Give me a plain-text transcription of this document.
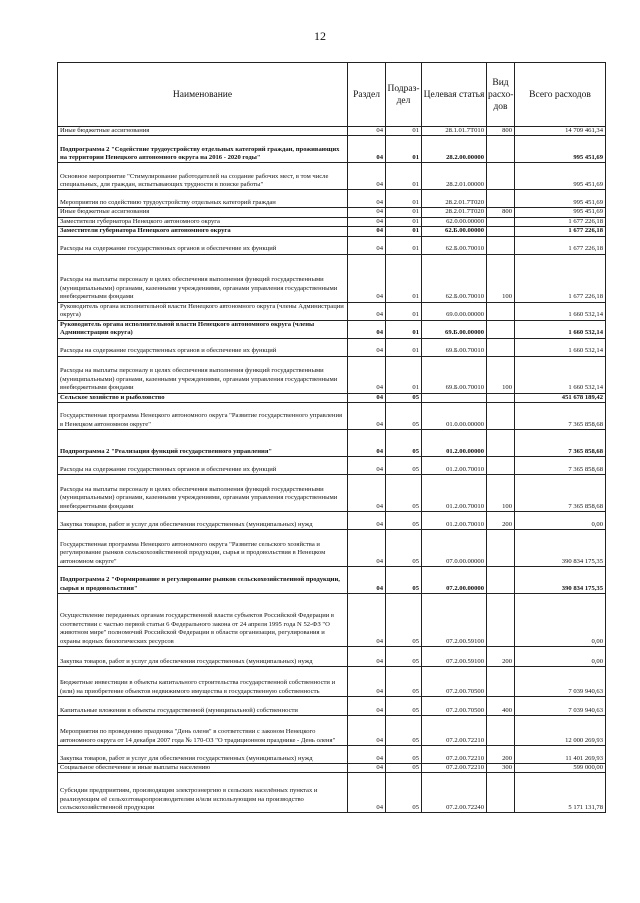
12
Наименование	Раздел	Подраз-дел	Целевая статья	Вид расхо-дов	Всего расходов
Иные бюджетные ассигнования	04	01	28.1.01.7Т010	800	14 709 461,34
Подпрограмма 2 "Содействие трудоустройству отдельных категорий граждан, проживающих на территории Ненецкого автономного округа на 2016 - 2020 годы"	04	01	28.2.00.00000		995 451,69
Основное мероприятие "Стимулирование работодателей на создание рабочих мест, в том числе специальных, для граждан, испытывающих трудности в поиске работы"	04	01	28.2.01.00000		995 451,69
Мероприятия по содействию трудоустройству отдельных категорий граждан	04	01	28.2.01.7Т020		995 451,69
Иные бюджетные ассигнования	04	01	28.2.01.7Т020	800	995 451,69
Заместители губернатора Ненецкого автономного округа	04	01	62.0.00.00000		1 677 226,18
Заместители губернатора Ненецкого автономного округа	04	01	62.Б.00.00000		1 677 226,18
Расходы на содержание государственных органов и обеспечение их функций	04	01	62.Б.00.70010		1 677 226,18
Расходы на выплаты персоналу в целях обеспечения выполнения функций государственными (муниципальными) органами, казенными учреждениями, органами управления государственными внебюджетными фондами	04	01	62.Б.00.70010	100	1 677 226,18
Руководитель органа исполнительной власти Ненецкого автономного округа (члены Администрации округа)	04	01	69.0.00.00000		1 660 532,14
Руководитель органа исполнительной власти Ненецкого автономного округа (члены Администрации округа)	04	01	69.Б.00.00000		1 660 532,14
Расходы на содержание государственных органов и обеспечение их функций	04	01	69.Б.00.70010		1 660 532,14
Расходы на выплаты персоналу в целях обеспечения выполнения функций государственными (муниципальными) органами, казенными учреждениями, органами управления государственными внебюджетными фондами	04	01	69.Б.00.70010	100	1 660 532,14
Сельское хозяйство и рыболовство	04	05			451 678 189,42
Государственная программа Ненецкого автономного округа "Развитие государственного управления в Ненецком автономном округе"	04	05	01.0.00.00000		7 365 858,68
Подпрограмма 2 "Реализация функций государственного управления"	04	05	01.2.00.00000		7 365 858,68
Расходы на содержание государственных органов и обеспечение их функций	04	05	01.2.00.70010		7 365 858,68
Расходы на выплаты персоналу в целях обеспечения выполнения функций государственными (муниципальными) органами, казенными учреждениями, органами управления государственными внебюджетными фондами	04	05	01.2.00.70010	100	7 365 858,68
Закупка товаров, работ и услуг для обеспечения государственных (муниципальных) нужд	04	05	01.2.00.70010	200	0,00
Государственная программа Ненецкого автономного округа "Развитие сельского хозяйства и регулирование рынков сельскохозяйственной продукции, сырья и продовольствия в Ненецком автономном округе"	04	05	07.0.00.00000		390 834 175,35
Подпрограмма 2 "Формирование и регулирование рынков сельскохозяйственной продукции, сырья и продовольствия"	04	05	07.2.00.00000		390 834 175,35
Осуществление переданных органам государственной власти субъектов Российской Федерации в соответствии с частью первой статьи 6 Федерального закона от 24 апреля 1995 года N 52-ФЗ "О животном мире" полномочий Российской Федерации в области организации, регулирования и охраны водных биологических ресурсов	04	05	07.2.00.59100		0,00
Закупка товаров, работ и услуг для обеспечения государственных (муниципальных) нужд	04	05	07.2.00.59100	200	0,00
Бюджетные инвестиции в объекты капитального строительства государственной собственности и (или) на приобретение объектов недвижимого имущества в государственную собственность	04	05	07.2.00.70500		7 039 940,63
Капитальные вложения в объекты государственной (муниципальной) собственности	04	05	07.2.00.70500	400	7 039 940,63
Мероприятия по проведению праздника "День оленя" в соответствии с законом Ненецкого автономного округа от 14 декабря 2007 года № 170-ОЗ "О традиционном празднике - День оленя"	04	05	07.2.00.72210		12 000 269,93
Закупка товаров, работ и услуг для обеспечения государственных (муниципальных) нужд	04	05	07.2.00.72210	200	11 401 269,93
Социальное обеспечение и иные выплаты населению	04	05	07.2.00.72210	300	599 000,00
Субсидии предприятиям, производящим электроэнергию в сельских населённых пунктах и реализующим её сельхозтоваропроизводителям и/или использующим на производство сельскохозяйственной продукции	04	05	07.2.00.72240		5 171 131,78
